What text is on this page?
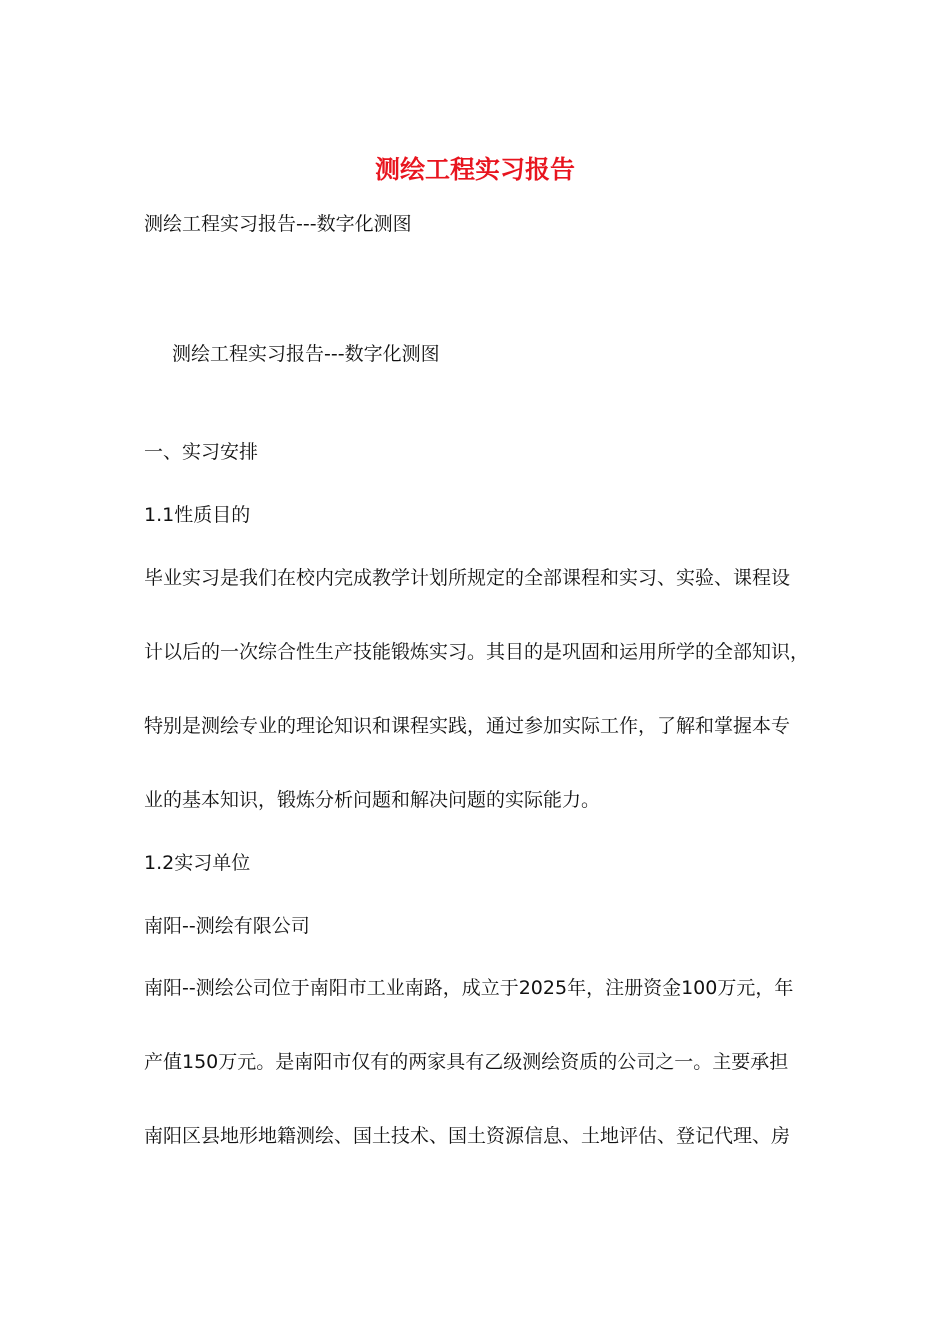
测绘工程实习报告
测绘工程实习报告---数字化测图
测绘工程实习报告---数字化测图
一、实习安排
1.1性质目的
毕业实习是我们在校内完成教学计划所规定的全部课程和实习、实验、课程设
计以后的一次综合性生产技能锻炼实习。其目的是巩固和运用所学的全部知识，
特别是测绘专业的理论知识和课程实践，通过参加实际工作，了解和掌握本专
业的基本知识，锻炼分析问题和解决问题的实际能力。
1.2实习单位
南阳--测绘有限公司
南阳--测绘公司位于南阳市工业南路，成立于2025年，注册资金100万元，年
产值150万元。是南阳市仅有的两家具有乙级测绘资质的公司之一。主要承担
南阳区县地形地籍测绘、国土技术、国土资源信息、土地评估、登记代理、房
